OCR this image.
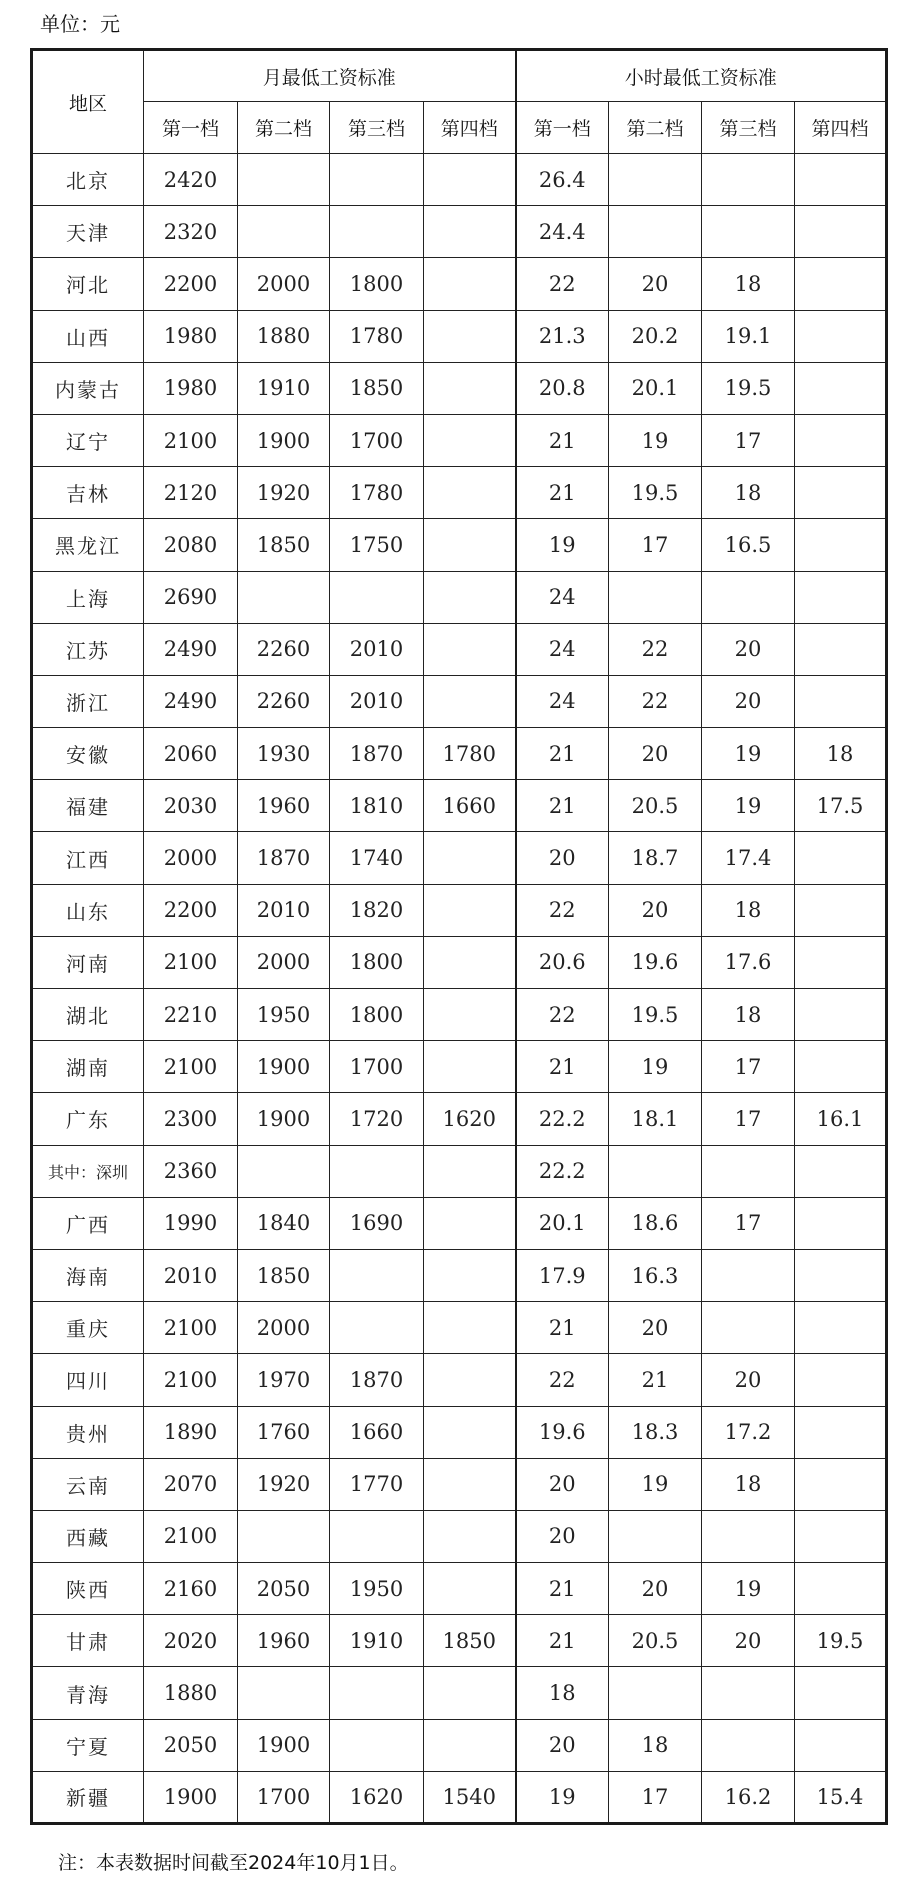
单位：元
地区	月最低工资标准				小时最低工资标准			
	第一档	第二档	第三档	第四档	第一档	第二档	第三档	第四档
北京	2420				26.4			
天津	2320				24.4			
河北	2200	2000	1800		22	20	18	
山西	1980	1880	1780		21.3	20.2	19.1	
内蒙古	1980	1910	1850		20.8	20.1	19.5	
辽宁	2100	1900	1700		21	19	17	
吉林	2120	1920	1780		21	19.5	18	
黑龙江	2080	1850	1750		19	17	16.5	
上海	2690				24			
江苏	2490	2260	2010		24	22	20	
浙江	2490	2260	2010		24	22	20	
安徽	2060	1930	1870	1780	21	20	19	18
福建	2030	1960	1810	1660	21	20.5	19	17.5
江西	2000	1870	1740		20	18.7	17.4	
山东	2200	2010	1820		22	20	18	
河南	2100	2000	1800		20.6	19.6	17.6	
湖北	2210	1950	1800		22	19.5	18	
湖南	2100	1900	1700		21	19	17	
广东	2300	1900	1720	1620	22.2	18.1	17	16.1
其中：深圳	2360				22.2			
广西	1990	1840	1690		20.1	18.6	17	
海南	2010	1850			17.9	16.3		
重庆	2100	2000			21	20		
四川	2100	1970	1870		22	21	20	
贵州	1890	1760	1660		19.6	18.3	17.2	
云南	2070	1920	1770		20	19	18	
西藏	2100				20			
陕西	2160	2050	1950		21	20	19	
甘肃	2020	1960	1910	1850	21	20.5	20	19.5
青海	1880				18			
宁夏	2050	1900			20	18		
新疆	1900	1700	1620	1540	19	17	16.2	15.4
注：本表数据时间截至2024年10月1日。
